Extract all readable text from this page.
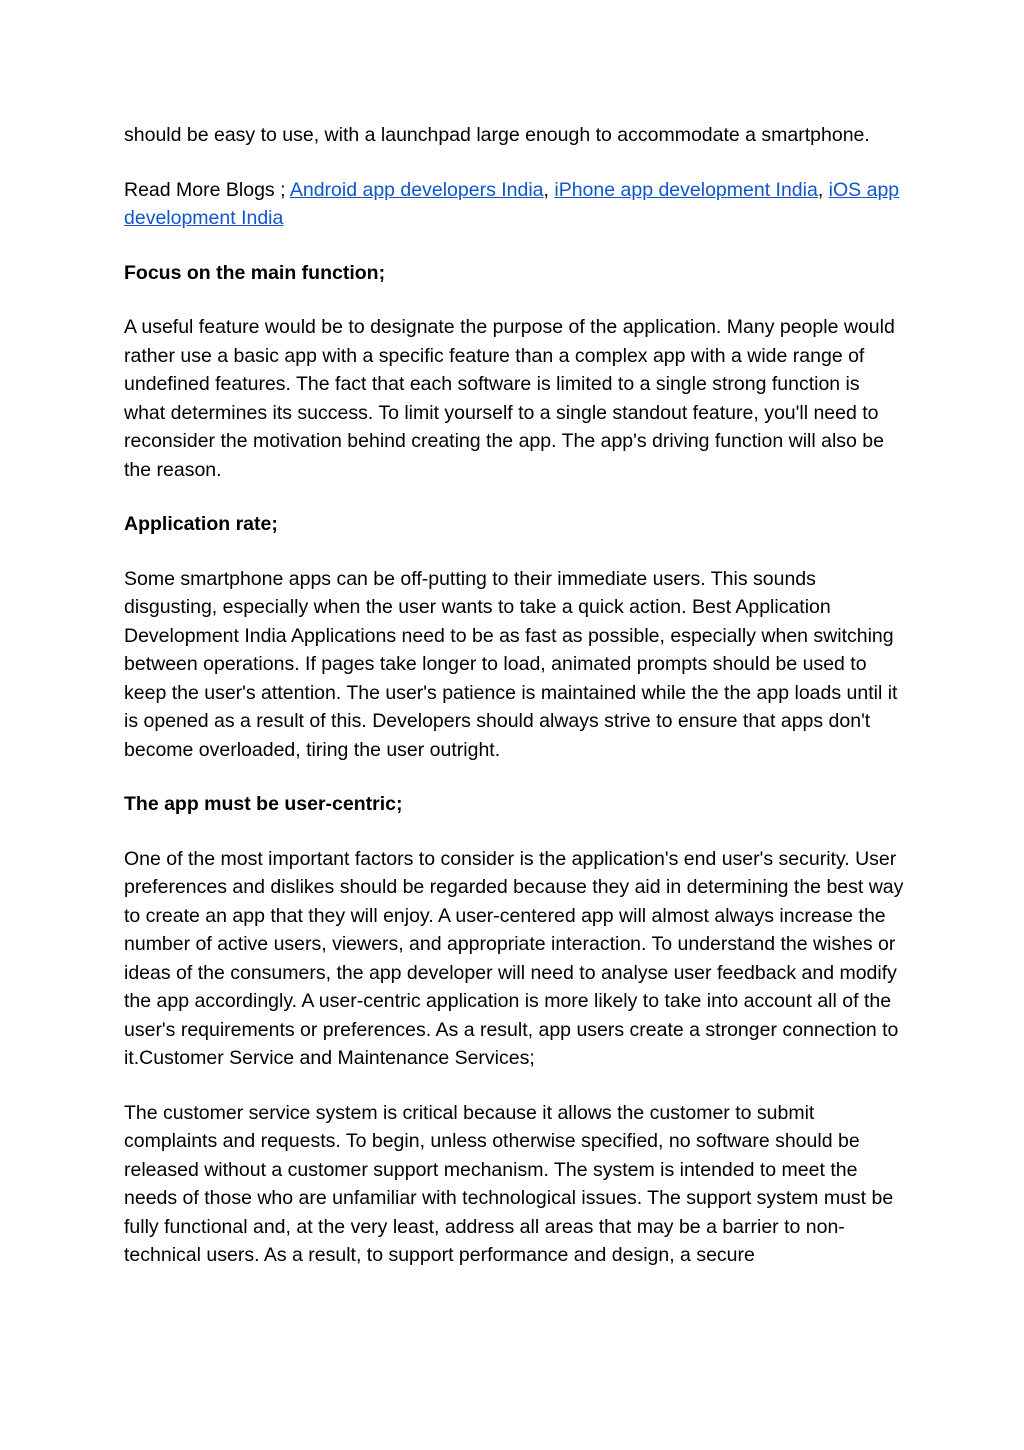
should be easy to use, with a launchpad large enough to accommodate a smartphone.

Read More Blogs ; Android app developers India, iPhone app development India, iOS app development India

Focus on the main function;

A useful feature would be to designate the purpose of the application. Many people would rather use a basic app with a specific feature than a complex app with a wide range of undefined features. The fact that each software is limited to a single strong function is what determines its success. To limit yourself to a single standout feature, you'll need to reconsider the motivation behind creating the app. The app's driving function will also be the reason.

Application rate;

Some smartphone apps can be off-putting to their immediate users. This sounds disgusting, especially when the user wants to take a quick action. Best Application Development India Applications need to be as fast as possible, especially when switching between operations. If pages take longer to load, animated prompts should be used to keep the user's attention. The user's patience is maintained while the the app loads until it is opened as a result of this. Developers should always strive to ensure that apps don't become overloaded, tiring the user outright.

The app must be user-centric;

One of the most important factors to consider is the application's end user's security. User preferences and dislikes should be regarded because they aid in determining the best way to create an app that they will enjoy. A user-centered app will almost always increase the number of active users, viewers, and appropriate interaction. To understand the wishes or ideas of the consumers, the app developer will need to analyse user feedback and modify the app accordingly. A user-centric application is more likely to take into account all of the user's requirements or preferences. As a result, app users create a stronger connection to it.Customer Service and Maintenance Services;

The customer service system is critical because it allows the customer to submit complaints and requests. To begin, unless otherwise specified, no software should be released without a customer support mechanism. The system is intended to meet the needs of those who are unfamiliar with technological issues. The support system must be fully functional and, at the very least, address all areas that may be a barrier to non-technical users. As a result, to support performance and design, a secure
